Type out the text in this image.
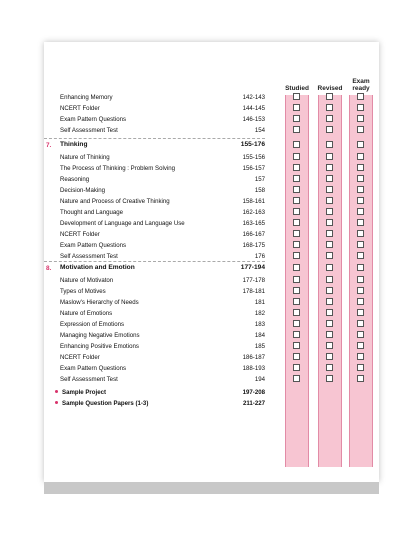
Studied	Revised
Exam
ready
Enhancing Memory	142-143
NCERT Folder	144-145
Exam Pattern Questions	146-153
Self Assessment Test	154
7. Thinking	155-176
Nature of Thinking	155-156
The Process of Thinking : Problem Solving	156-157
Reasoning	157
Decision-Making	158
Nature and Process of Creative Thinking	158-161
Thought and Language	162-163
Development of Language and Language Use	163-165
NCERT Folder	166-167
Exam Pattern Questions	168-175
Self Assessment Test	176
8. Motivation and Emotion	177-194
Nature of Motivaton	177-178
Types of Motives	178-181
Maslow's Hierarchy of Needs	181
Nature of Emotions	182
Expression of Emotions	183
Managing Negative Emotions	184
Enhancing Positive Emotions	185
NCERT Folder	186-187
Exam Pattern Questions	188-193
Self Assessment Test	194
Sample Project	197-208
Sample Question Papers (1-3)	211-227
